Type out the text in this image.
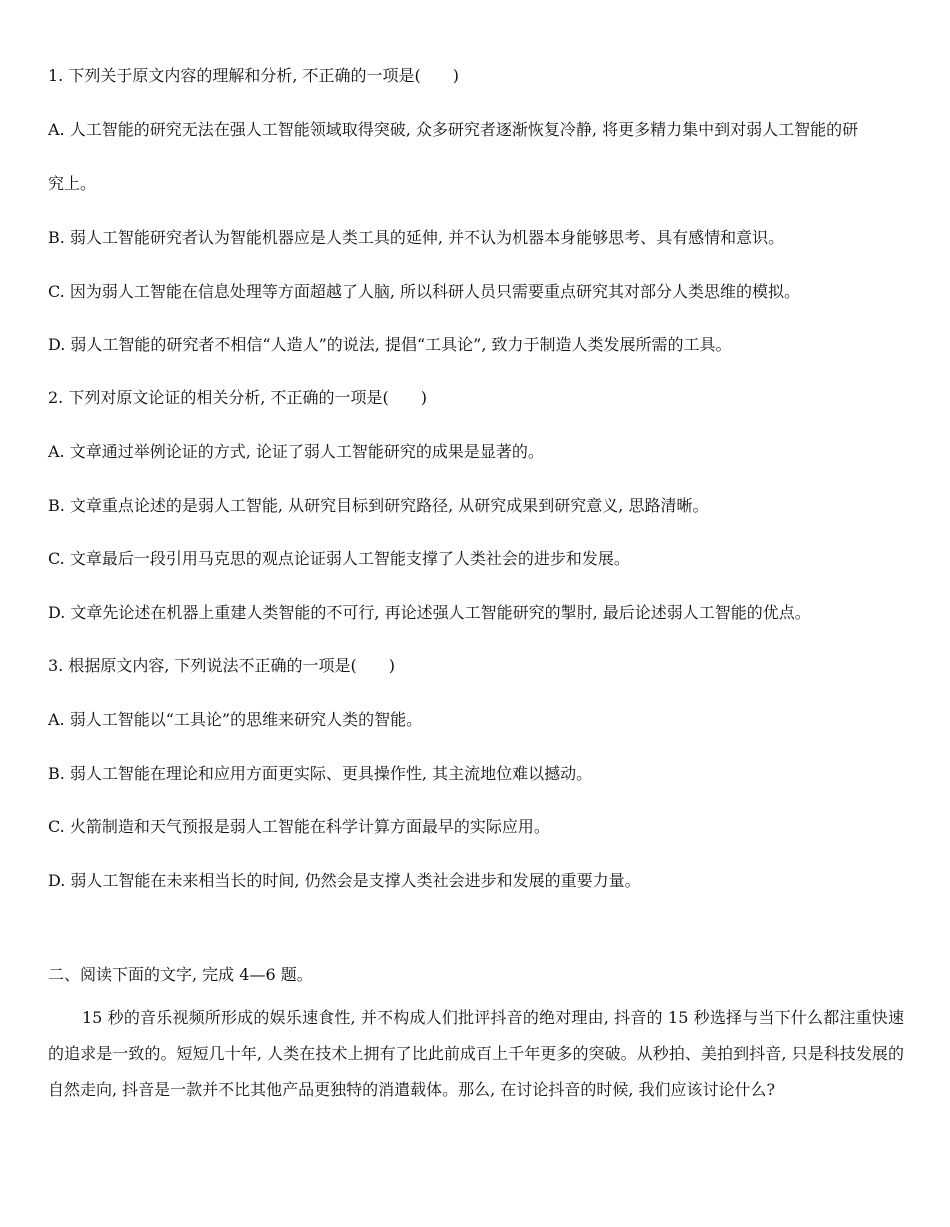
1. 下列关于原文内容的理解和分析, 不正确的一项是(　　)
A. 人工智能的研究无法在强人工智能领域取得突破, 众多研究者逐渐恢复冷静, 将更多精力集中到对弱人工智能的研
究上。
B. 弱人工智能研究者认为智能机器应是人类工具的延伸, 并不认为机器本身能够思考、具有感情和意识。
C. 因为弱人工智能在信息处理等方面超越了人脑, 所以科研人员只需要重点研究其对部分人类思维的模拟。
D. 弱人工智能的研究者不相信“人造人”的说法, 提倡“工具论”, 致力于制造人类发展所需的工具。
2. 下列对原文论证的相关分析, 不正确的一项是(　　)
A. 文章通过举例论证的方式, 论证了弱人工智能研究的成果是显著的。
B. 文章重点论述的是弱人工智能, 从研究目标到研究路径, 从研究成果到研究意义, 思路清晰。
C. 文章最后一段引用马克思的观点论证弱人工智能支撑了人类社会的进步和发展。
D. 文章先论述在机器上重建人类智能的不可行, 再论述强人工智能研究的掣肘, 最后论述弱人工智能的优点。
3. 根据原文内容, 下列说法不正确的一项是(　　)
A. 弱人工智能以“工具论”的思维来研究人类的智能。
B. 弱人工智能在理论和应用方面更实际、更具操作性, 其主流地位难以撼动。
C. 火箭制造和天气预报是弱人工智能在科学计算方面最早的实际应用。
D. 弱人工智能在未来相当长的时间, 仍然会是支撑人类社会进步和发展的重要力量。
二、阅读下面的文字, 完成 4—6 题。
15 秒的音乐视频所形成的娱乐速食性, 并不构成人们批评抖音的绝对理由, 抖音的 15 秒选择与当下什么都注重快速的追求是一致的。短短几十年, 人类在技术上拥有了比此前成百上千年更多的突破。从秒拍、美拍到抖音, 只是科技发展的自然走向, 抖音是一款并不比其他产品更独特的消遣载体。那么, 在讨论抖音的时候, 我们应该讨论什么?
